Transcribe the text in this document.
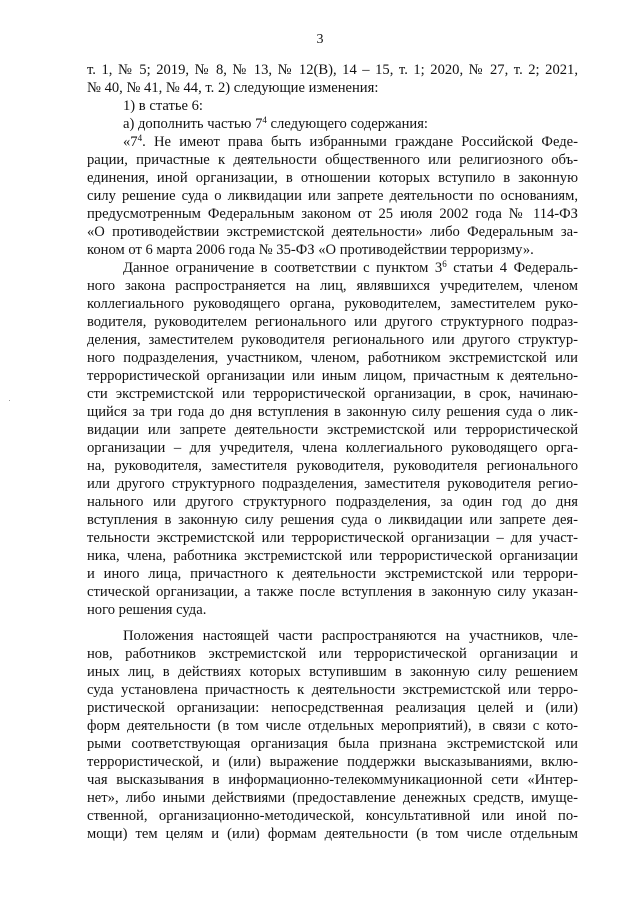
3

т. 1, № 5; 2019, № 8, № 13, № 12(В), 14 – 15, т. 1; 2020, № 27, т. 2; 2021,

№ 40, № 41, № 44, т. 2) следующие изменения:

1) в статье 6:

а) дополнить частью $7^4$ следующего содержания:

«$7^4$. Не имеют права быть избранными граждане Российской Феде-

рации, причастные к деятельности общественного или религиозного объ-

единения, иной организации, в отношении которых вступило в законную

силу решение суда о ликвидации или запрете деятельности по основаниям,

предусмотренным Федеральным законом от 25 июля 2002 года № 114-ФЗ

«О противодействии экстремистской деятельности» либо Федеральным за-

коном от 6 марта 2006 года № 35-ФЗ «О противодействии терроризму».

Данное ограничение в соответствии с пунктом $3^6$ статьи 4 Федераль-

ного закона распространяется на лиц, являвшихся учредителем, членом

коллегиального руководящего органа, руководителем, заместителем руко-

водителя, руководителем регионального или другого структурного подраз-

деления, заместителем руководителя регионального или другого структур-

ного подразделения, участником, членом, работником экстремистской или

террористической организации или иным лицом, причастным к деятельно-

сти экстремистской или террористической организации, в срок, начинаю-

щийся за три года до дня вступления в законную силу решения суда о лик-

видации или запрете деятельности экстремистской или террористической

организации – для учредителя, члена коллегиального руководящего орга-

на, руководителя, заместителя руководителя, руководителя регионального

или другого структурного подразделения, заместителя руководителя регио-

нального или другого структурного подразделения, за один год до дня

вступления в законную силу решения суда о ликвидации или запрете дея-

тельности экстремистской или террористической организации – для участ-

ника, члена, работника экстремистской или террористической организации

и иного лица, причастного к деятельности экстремистской или террори-

стической организации, а также после вступления в законную силу указан-

ного решения суда.

Положения настоящей части распространяются на участников, чле-

нов, работников экстремистской или террористической организации и

иных лиц, в действиях которых вступившим в законную силу решением

суда установлена причастность к деятельности экстремистской или терро-

ристической организации: непосредственная реализация целей и (или)

форм деятельности (в том числе отдельных мероприятий), в связи с кото-

рыми соответствующая организация была признана экстремистской или

террористической, и (или) выражение поддержки высказываниями, вклю-

чая высказывания в информационно-телекоммуникационной сети «Интер-

нет», либо иными действиями (предоставление денежных средств, имуще-

ственной, организационно-методической, консультативной или иной по-

мощи) тем целям и (или) формам деятельности (в том числе отдельным
